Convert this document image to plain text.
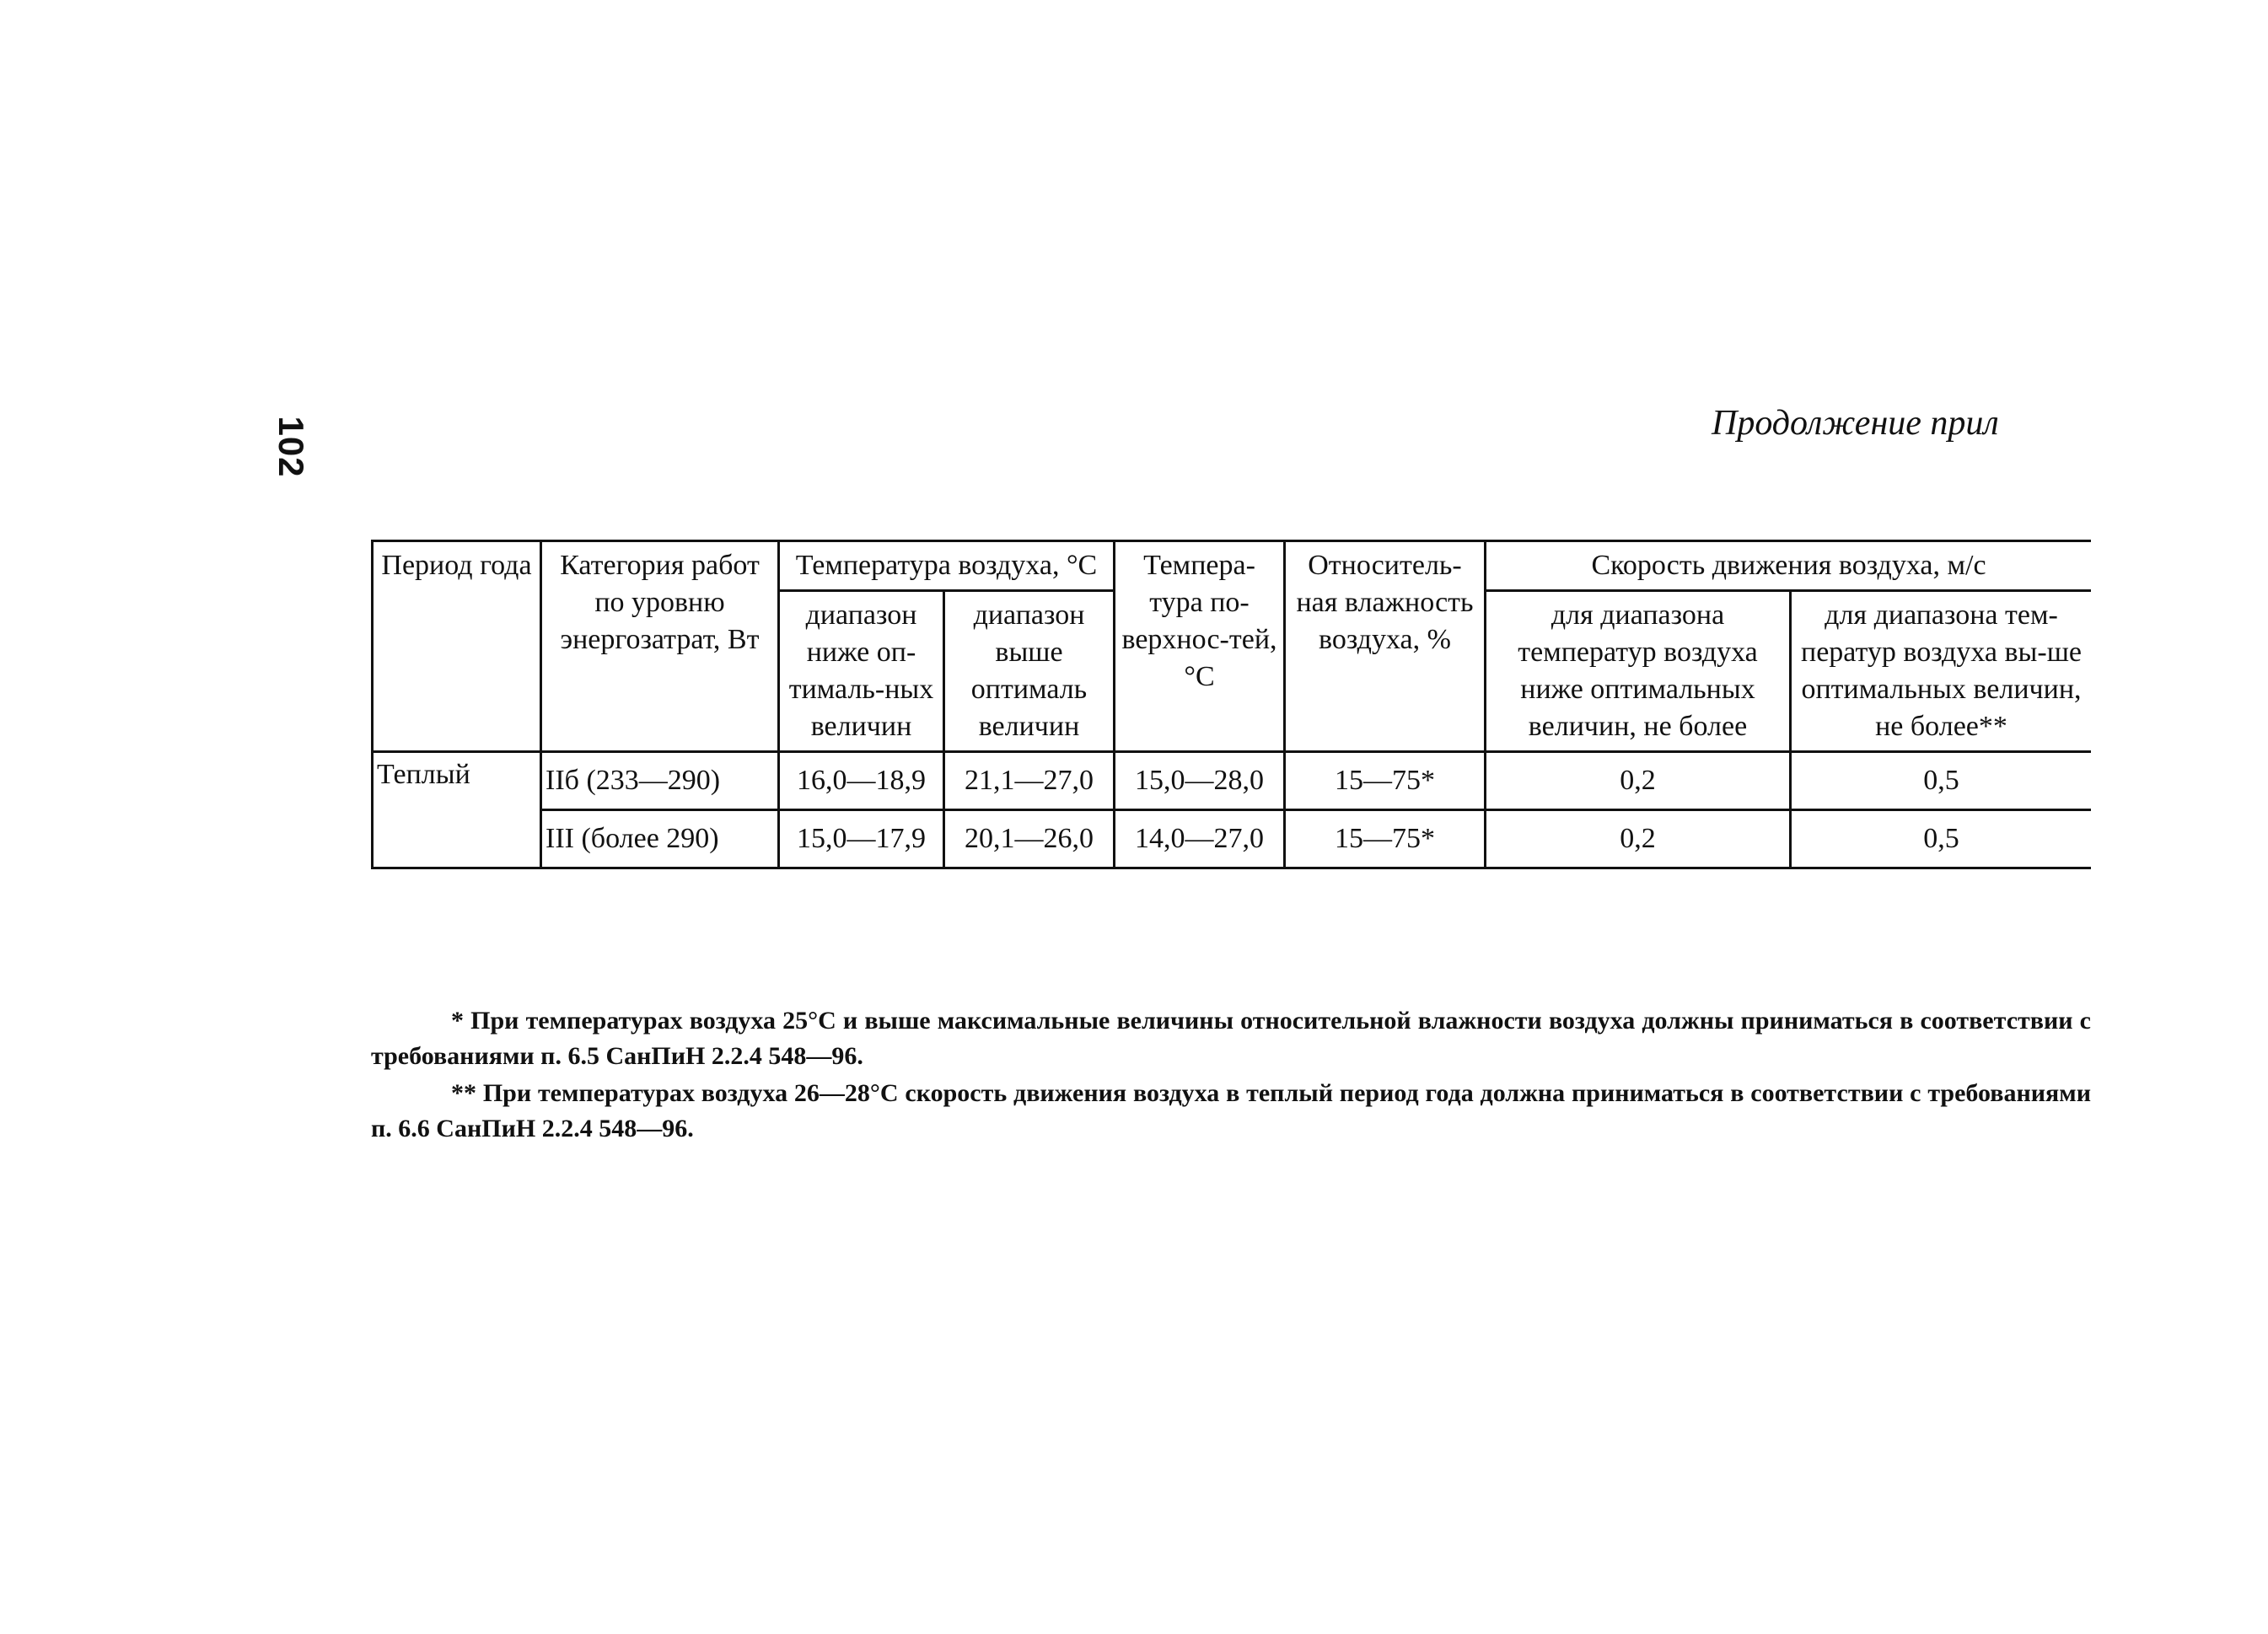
102	Продолжение прил
Период года	Категория работ по уровню энергозатрат, Вт	Температура воздуха, °С		Темпера-тура по-верхнос-тей, °С	Относитель-ная влажность воздуха, %	Скорость движения воздуха, м/с	
		диапазон ниже оп-тималь-ных величин	диапазон выше оптималь величин			для диапазона температур воздуха ниже оптимальных величин, не более	для диапазона тем-ператур воздуха вы-ше оптимальных величин, не более**
Теплый	IIб (233—290)	16,0—18,9	21,1—27,0	15,0—28,0	15—75*	0,2	0,5
	III (более 290)	15,0—17,9	20,1—26,0	14,0—27,0	15—75*	0,2	0,5

* При температурах воздуха 25°С и выше максимальные величины относительной влажности воздуха должны приниматься в соответствии с требованиями п. 6.5 СанПиН 2.2.4 548—96.

** При температурах воздуха 26—28°С скорость движения воздуха в теплый период года должна приниматься в соответствии с требованиями п. 6.6 СанПиН 2.2.4 548—96.
